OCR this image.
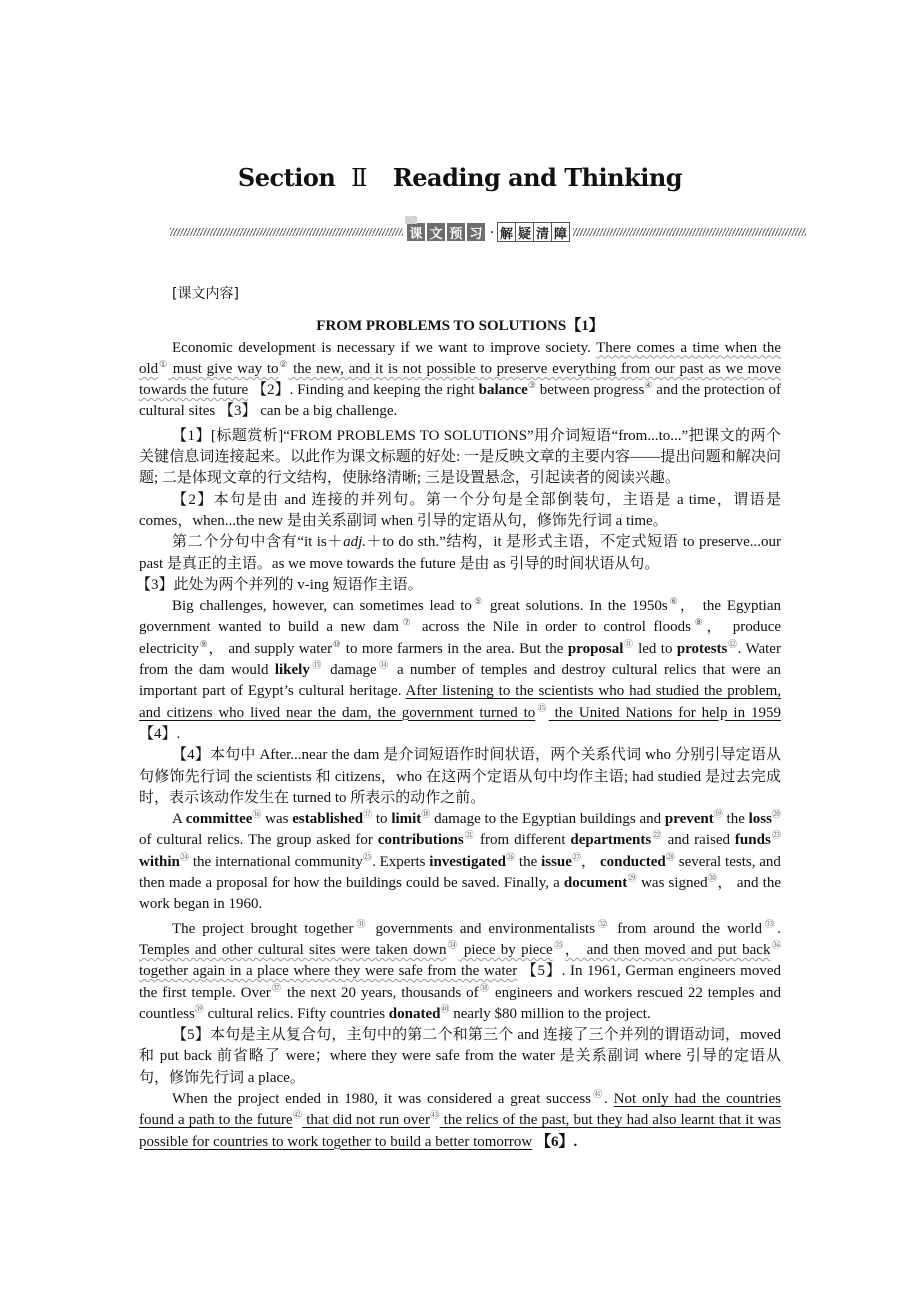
Section Ⅱ Reading and Thinking
课 文 预 习 · 解 疑 清 障

[课文内容]

FROM PROBLEMS TO SOLUTIONS【1】

Economic development is necessary if we want to improve society. There comes a time when the old① must give way to② the new, and it is not possible to preserve everything from our past as we move towards the future 【2】. Finding and keeping the right balance③ between progress④ and the protection of cultural sites 【3】 can be a big challenge.

【1】[标题赏析]“FROM PROBLEMS TO SOLUTIONS”用介词短语“from...to...”把课文的两个关键信息词连接起来。以此作为课文标题的好处: 一是反映文章的主要内容——提出问题和解决问题; 二是体现文章的行文结构，使脉络清晰; 三是设置悬念，引起读者的阅读兴趣。

【2】本句是由 and 连接的并列句。第一个分句是全部倒装句，主语是 a time，谓语是 comes，when...the new 是由关系副词 when 引导的定语从句，修饰先行词 a time。

第二个分句中含有“it is＋adj.＋to do sth.”结构，it 是形式主语，不定式短语 to preserve...our past 是真正的主语。as we move towards the future 是由 as 引导的时间状语从句。

【3】此处为两个并列的 v-ing 短语作主语。

Big challenges, however, can sometimes lead to⑤ great solutions. In the 1950s⑥， the Egyptian government wanted to build a new dam⑦ across the Nile in order to control floods⑧， produce electricity⑨， and supply water⑩ to more farmers in the area. But the proposal⑪ led to protests⑫. Water from the dam would likely⑬ damage⑭ a number of temples and destroy cultural relics that were an important part of Egypt’s cultural heritage. After listening to the scientists who had studied the problem, and citizens who lived near the dam, the government turned to⑮ the United Nations for help in 1959 【4】.

【4】本句中 After...near the dam 是介词短语作时间状语，两个关系代词 who 分别引导定语从句修饰先行词 the scientists 和 citizens，who 在这两个定语从句中均作主语; had studied 是过去完成时，表示该动作发生在 turned to 所表示的动作之前。

A committee⑯ was established⑰ to limit⑱ damage to the Egyptian buildings and prevent⑲ the loss⑳ of cultural relics. The group asked for contributions$^㉑$ from different departments$^㉒$ and raised funds$^㉓$ within$^㉔$ the international community$^㉕$. Experts investigated$^㉖$ the issue$^㉗$， conducted$^㉘$ several tests, and then made a proposal for how the buildings could be saved. Finally, a document$^㉙$ was signed$^㉚$， and the work began in 1960.

The project brought together$^㉛$ governments and environmentalists$^㉜$ from around the world$^㉝$. Temples and other cultural sites were taken down$^㉞$ piece by piece$^㉟$， and then moved and put back$^㊱$ together again in a place where they were safe from the water 【5】. In 1961, German engineers moved the first temple. Over$^㊲$ the next 20 years, thousands $of^㊳$ engineers and workers rescued 22 temples and countless$^㊴$ cultural relics. Fifty countries donated$^㊵$ nearly $80 million to the project.

【5】本句是主从复合句，主句中的第二个和第三个 and 连接了三个并列的谓语动词，moved 和 put back 前省略了 were；where they were safe from the water 是关系副词 where 引导的定语从句，修饰先行词 a place。

When the project ended in 1980, it was considered a great success$^㊶$. Not only had the countries found a path to the future$^㊷$ that did not run over$^㊸$ the relics of the past, but they had also learnt that it was possible for countries to work together to build a better tomorrow 【6】.
